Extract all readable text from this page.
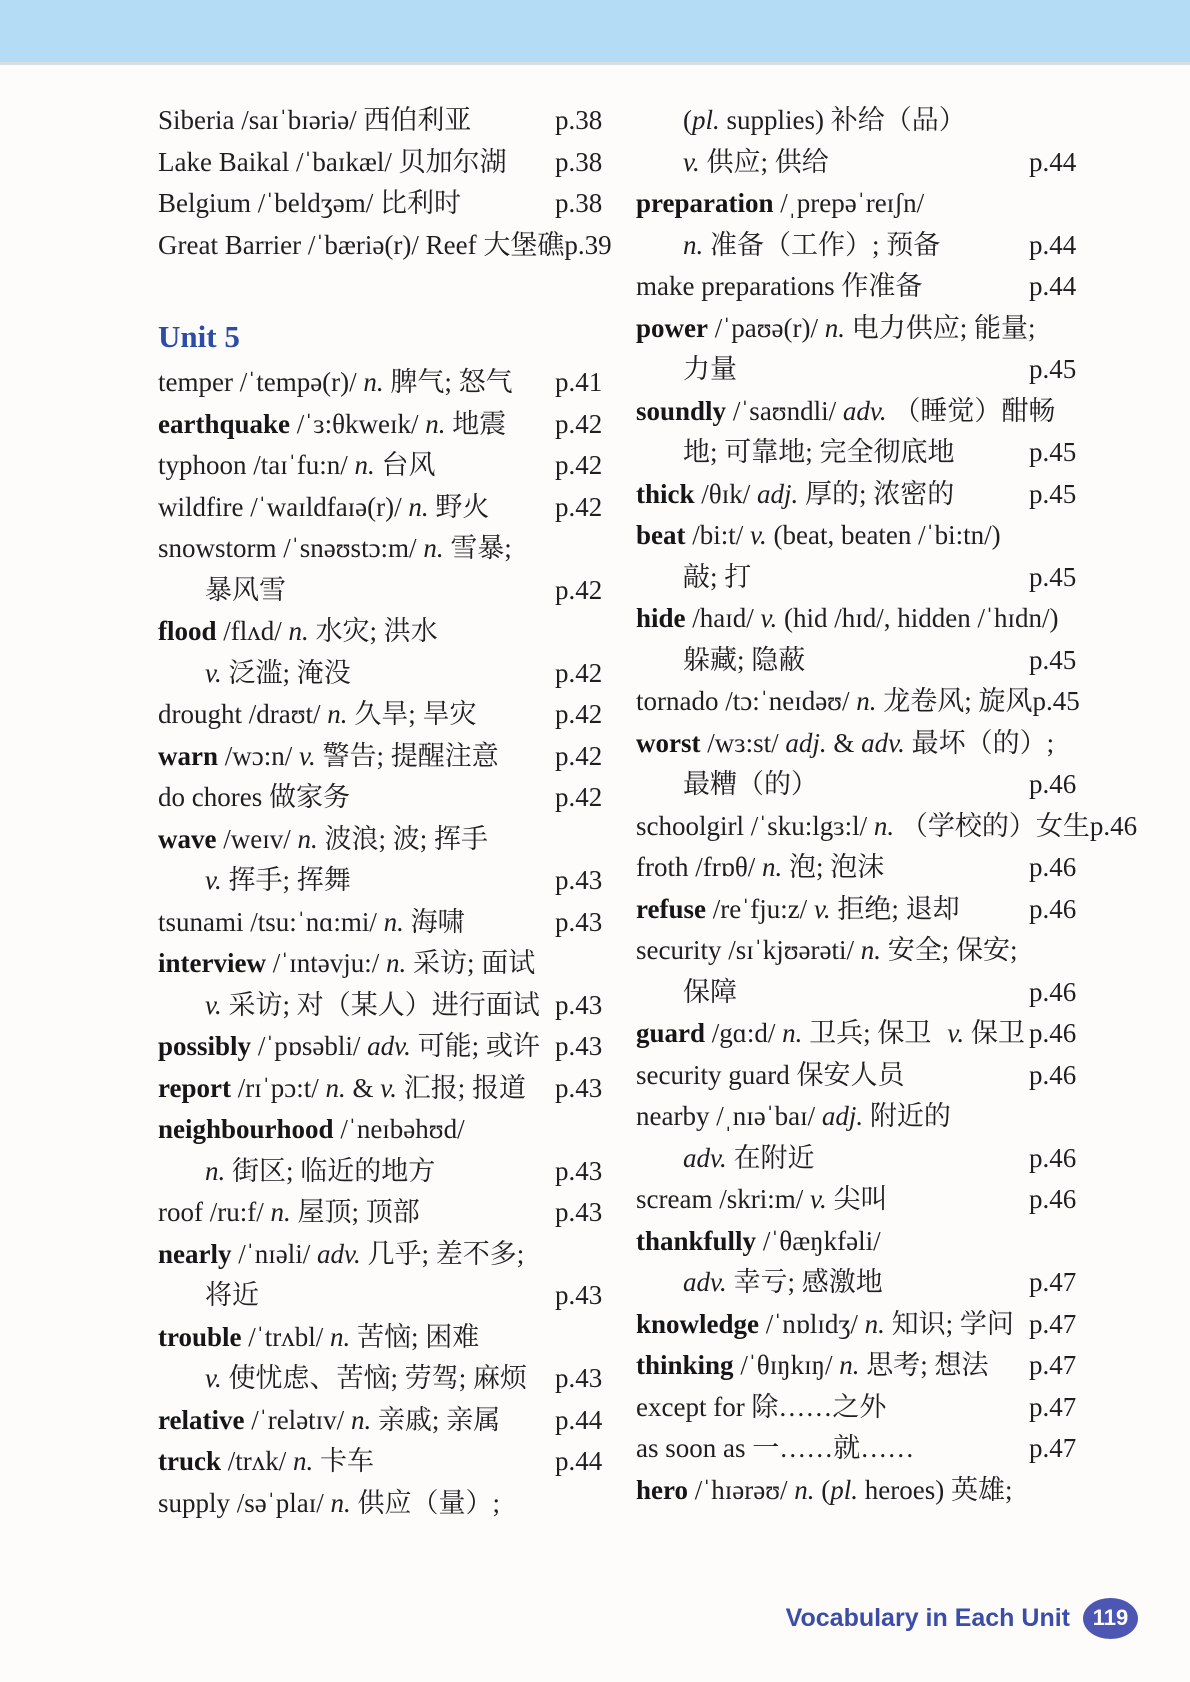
Siberia /saɪˈbɪəriə/ 西伯利亚	p.38
Lake Baikal /ˈbaɪkæl/ 贝加尔湖	p.38
Belgium /ˈbeldʒəm/ 比利时	p.38
Great Barrier /ˈbæriə(r)/ Reef 大堡礁 p.39
Unit 5
temper /ˈtempə(r)/ n. 脾气; 怒气	p.41
earthquake /ˈɜ:θkweɪk/ n. 地震	p.42
typhoon /taɪˈfu:n/ n. 台风	p.42
wildfire /ˈwaɪldfaɪə(r)/ n. 野火	p.42
snowstorm /ˈsnəʊstɔ:m/ n. 雪暴;
暴风雪	p.42
flood /flʌd/ n. 水灾; 洪水
v. 泛滥; 淹没	p.42
drought /draʊt/ n. 久旱; 旱灾	p.42
warn /wɔ:n/ v. 警告; 提醒注意	p.42
do chores 做家务	p.42
wave /weɪv/ n. 波浪; 波; 挥手
v. 挥手; 挥舞	p.43
tsunami /tsu:ˈnɑ:mi/ n. 海啸	p.43
interview /ˈɪntəvju:/ n. 采访; 面试
v. 采访; 对（某人）进行面试 p.43
possibly /ˈpɒsəbli/ adv. 可能; 或许 p.43
report /rɪˈpɔ:t/ n. & v. 汇报; 报道	p.43
neighbourhood /ˈneɪbəhʊd/
n. 街区; 临近的地方	p.43
roof /ru:f/ n. 屋顶; 顶部	p.43
nearly /ˈnɪəli/ adv. 几乎; 差不多;
将近	p.43
trouble /ˈtrʌbl/ n. 苦恼; 困难
v. 使忧虑、苦恼; 劳驾; 麻烦	p.43
relative /ˈrelətɪv/ n. 亲戚; 亲属	p.44
truck /trʌk/ n. 卡车	p.44
supply /səˈplaɪ/ n. 供应（量）;
(pl. supplies) 补给（品）
v. 供应; 供给	p.44
preparation /ˌprepəˈreɪʃn/
n. 准备（工作）; 预备	p.44
make preparations 作准备	p.44
power /ˈpaʊə(r)/ n. 电力供应; 能量;
力量	p.45
soundly /ˈsaʊndli/ adv. （睡觉）酣畅
地; 可靠地; 完全彻底地	p.45
thick /θɪk/ adj. 厚的; 浓密的	p.45
beat /bi:t/ v. (beat, beaten /ˈbi:tn/)
敲; 打	p.45
hide /haɪd/ v. (hid /hɪd/, hidden /ˈhɪdn/)
躲藏; 隐蔽	p.45
tornado /tɔ:ˈneɪdəʊ/ n. 龙卷风; 旋风 p.45
worst /wɜ:st/ adj. & adv. 最坏（的）;
最糟（的）	p.46
schoolgirl /ˈsku:lgɜ:l/ n. （学校的）女生 p.46
froth /frɒθ/ n. 泡; 泡沫	p.46
refuse /reˈfju:z/ v. 拒绝; 退却	p.46
security /sɪˈkjʊərəti/ n. 安全; 保安;
保障	p.46
guard /gɑ:d/ n. 卫兵; 保卫 v. 保卫 p.46
security guard 保安人员	p.46
nearby /ˌnɪəˈbaɪ/ adj. 附近的
adv. 在附近	p.46
scream /skri:m/ v. 尖叫	p.46
thankfully /ˈθæŋkfəli/
adv. 幸亏; 感激地	p.47
knowledge /ˈnɒlɪdʒ/ n. 知识; 学问 p.47
thinking /ˈθɪŋkɪŋ/ n. 思考; 想法	p.47
except for 除……之外	p.47
as soon as 一……就……	p.47
hero /ˈhɪərəʊ/ n. (pl. heroes) 英雄;
Vocabulary in Each Unit	119
